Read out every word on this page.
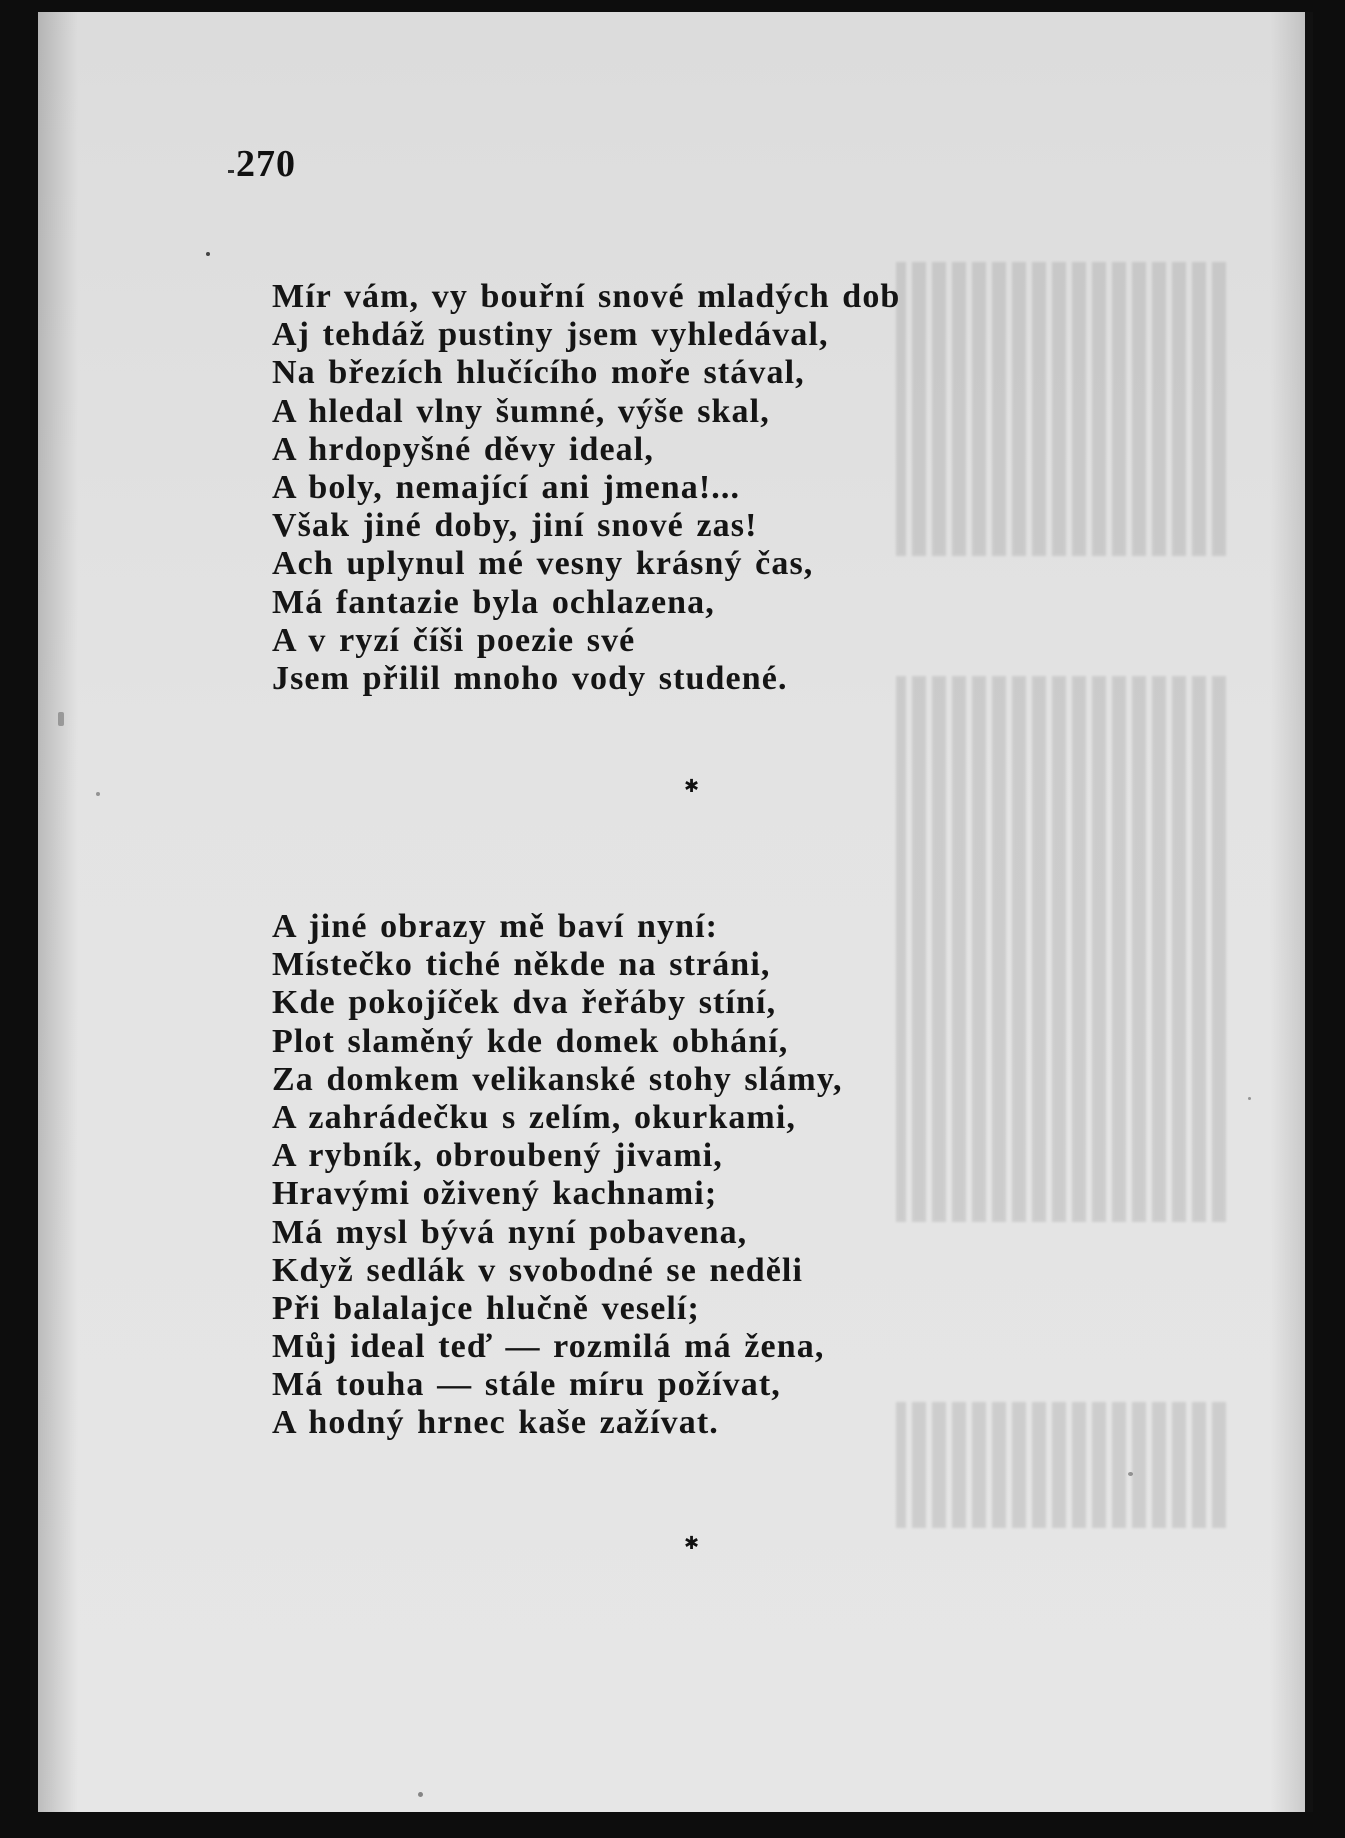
270
Mír vám, vy bouřní snové mladých dob
Aj tehdáž pustiny jsem vyhledával,
Na březích hlučícího moře stával,
A hledal vlny šumné, výše skal,
A hrdopyšné děvy ideal,
A boly, nemající ani jmena!...
Však jiné doby, jiní snové zas!
Ach uplynul mé vesny krásný čas,
Má fantazie byla ochlazena,
A v ryzí číši poezie své
Jsem přilil mnoho vody studené.
✱
A jiné obrazy mě baví nyní:
Místečko tiché někde na stráni,
Kde pokojíček dva řeřáby stíní,
Plot slaměný kde domek obhání,
Za domkem velikanské stohy slámy,
A zahrádečku s zelím, okurkami,
A rybník, obroubený jivami,
Hravými oživený kachnami;
Má mysl bývá nyní pobavena,
Když sedlák v svobodné se neděli
Při balalajce hlučně veselí;
Můj ideal teď — rozmilá má žena,
Má touha — stále míru požívat,
A hodný hrnec kaše zažívat.
✱
